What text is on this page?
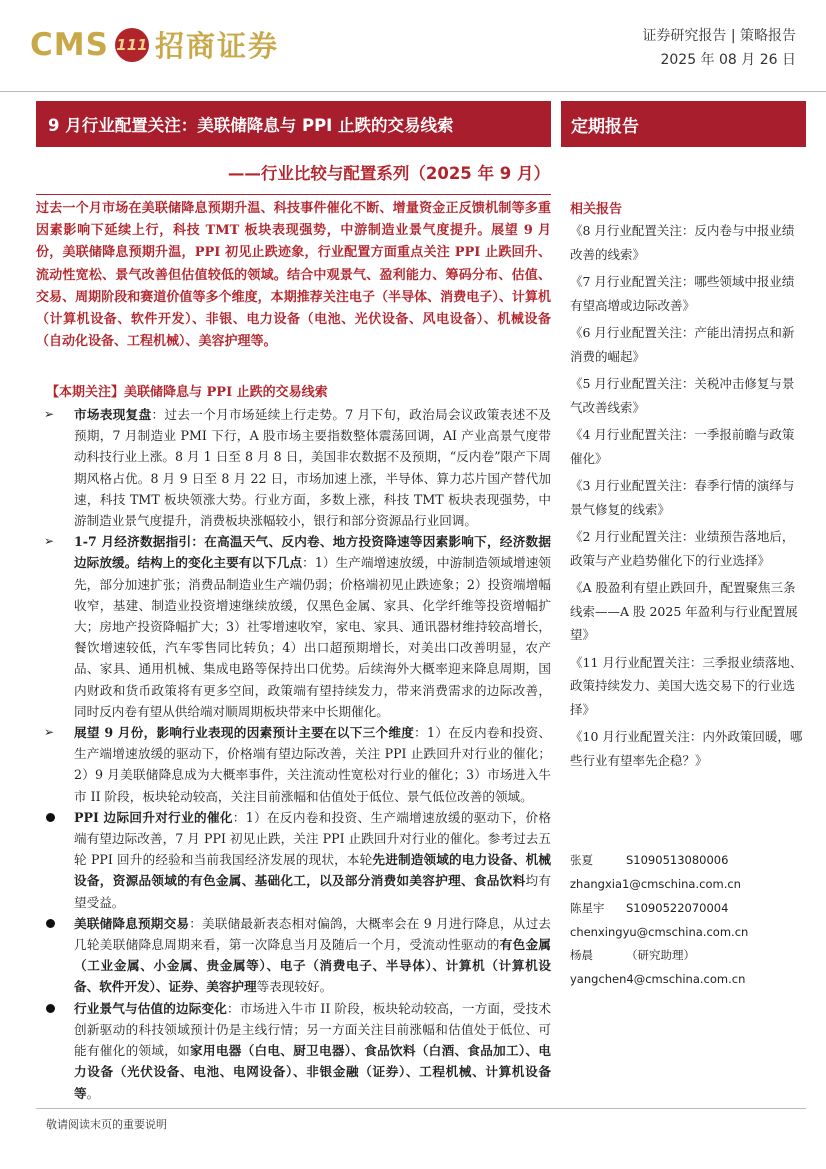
CMS 111 招商证券	证券研究报告 | 策略报告
2025 年 08 月 26 日
9 月行业配置关注：美联储降息与 PPI 止跌的交易线索	定期报告
——行业比较与配置系列（2025 年 9 月）
过去一个月市场在美联储降息预期升温、科技事件催化不断、增量资金正反馈机制等多重因素影响下延续上行，科技 TMT 板块表现强势，中游制造业景气度提升。展望 9 月份，美联储降息预期升温，PPI 初见止跌迹象，行业配置方面重点关注 PPI 止跌回升、流动性宽松、景气改善但估值较低的领域。结合中观景气、盈利能力、筹码分布、估值、交易、周期阶段和赛道价值等多个维度，本期推荐关注电子（半导体、消费电子）、计算机（计算机设备、软件开发）、非银、电力设备（电池、光伏设备、风电设备）、机械设备（自动化设备、工程机械）、美容护理等。
【本期关注】美联储降息与 PPI 止跌的交易线索

➢ 市场表现复盘：过去一个月市场延续上行走势。7 月下旬，政治局会议政策表述不及预期，7 月制造业 PMI 下行，A 股市场主要指数整体震荡回调，AI 产业高景气度带动科技行业上涨。8 月 1 日至 8 月 8 日，美国非农数据不及预期，“反内卷”限产下周期风格占优。8 月 9 日至 8 月 22 日，市场加速上涨，半导体、算力芯片国产替代加速，科技 TMT 板块领涨大势。行业方面，多数上涨，科技 TMT 板块表现强势，中游制造业景气度提升，消费板块涨幅较小，银行和部分资源品行业回调。

➢ 1-7 月经济数据指引：在高温天气、反内卷、地方投资降速等因素影响下，经济数据边际放缓。结构上的变化主要有以下几点：1）生产端增速放缓，中游制造领域增速领先，部分加速扩张；消费品制造业生产端仍弱；价格端初见止跌迹象；2）投资端增幅收窄，基建、制造业投资增速继续放缓，仅黑色金属、家具、化学纤维等投资增幅扩大；房地产投资降幅扩大；3）社零增速收窄，家电、家具、通讯器材维持较高增长，餐饮增速较低，汽车零售同比转负；4）出口超预期增长，对美出口改善明显，农产品、家具、通用机械、集成电路等保持出口优势。后续海外大概率迎来降息周期，国内财政和货币政策将有更多空间，政策端有望持续发力，带来消费需求的边际改善，同时反内卷有望从供给端对顺周期板块带来中长期催化。

➢ 展望 9 月份，影响行业表现的因素预计主要在以下三个维度：1）在反内卷和投资、生产端增速放缓的驱动下，价格端有望边际改善，关注 PPI 止跌回升对行业的催化；2）9 月美联储降息成为大概率事件，关注流动性宽松对行业的催化；3）市场进入牛市 II 阶段，板块轮动较高，关注目前涨幅和估值处于低位、景气低位改善的领域。

PPI 边际回升对行业的催化：1）在反内卷和投资、生产端增速放缓的驱动下，价格端有望边际改善，7 月 PPI 初见止跌，关注 PPI 止跌回升对行业的催化。参考过去五轮 PPI 回升的经验和当前我国经济发展的现状，本轮先进制造领域的电力设备、机械设备，资源品领域的有色金属、基础化工，以及部分消费如美容护理、食品饮料均有望受益。

美联储降息预期交易：美联储最新表态相对偏鸽，大概率会在 9 月进行降息，从过去几轮美联储降息周期来看，第一次降息当月及随后一个月，受流动性驱动的有色金属（工业金属、小金属、贵金属等）、电子（消费电子、半导体）、计算机（计算机设备、软件开发）、证券、美容护理等表现较好。

行业景气与估值的边际变化：市场进入牛市 II 阶段，板块轮动较高，一方面，受技术创新驱动的科技领域预计仍是主线行情；另一方面关注目前涨幅和估值处于低位、可能有催化的领域，如家用电器（白电、厨卫电器）、食品饮料（白酒、食品加工）、电力设备（光伏设备、电池、电网设备）、非银金融（证券）、工程机械、计算机设备等。

相关报告
《8 月行业配置关注：反内卷与中报业绩改善的线索》
《7 月行业配置关注：哪些领域中报业绩有望高增或边际改善》
《6 月行业配置关注：产能出清拐点和新消费的崛起》
《5 月行业配置关注：关税冲击修复与景气改善线索》
《4 月行业配置关注：一季报前瞻与政策催化》
《3 月行业配置关注：春季行情的演绎与景气修复的线索》
《2 月行业配置关注：业绩预告落地后，政策与产业趋势催化下的行业选择》
《A 股盈利有望止跌回升，配置聚焦三条线索——A 股 2025 年盈利与行业配置展望》
《11 月行业配置关注：三季报业绩落地、政策持续发力、美国大选交易下的行业选择》
《10 月行业配置关注：内外政策回暖，哪些行业有望率先企稳？》
张夏	S1090513080006
zhangxia1@cmschina.com.cn
陈星宇 S1090522070004
chenxingyu@cmschina.com.cn
杨晨	（研究助理）
yangchen4@cmschina.com.cn
敬请阅读末页的重要说明
